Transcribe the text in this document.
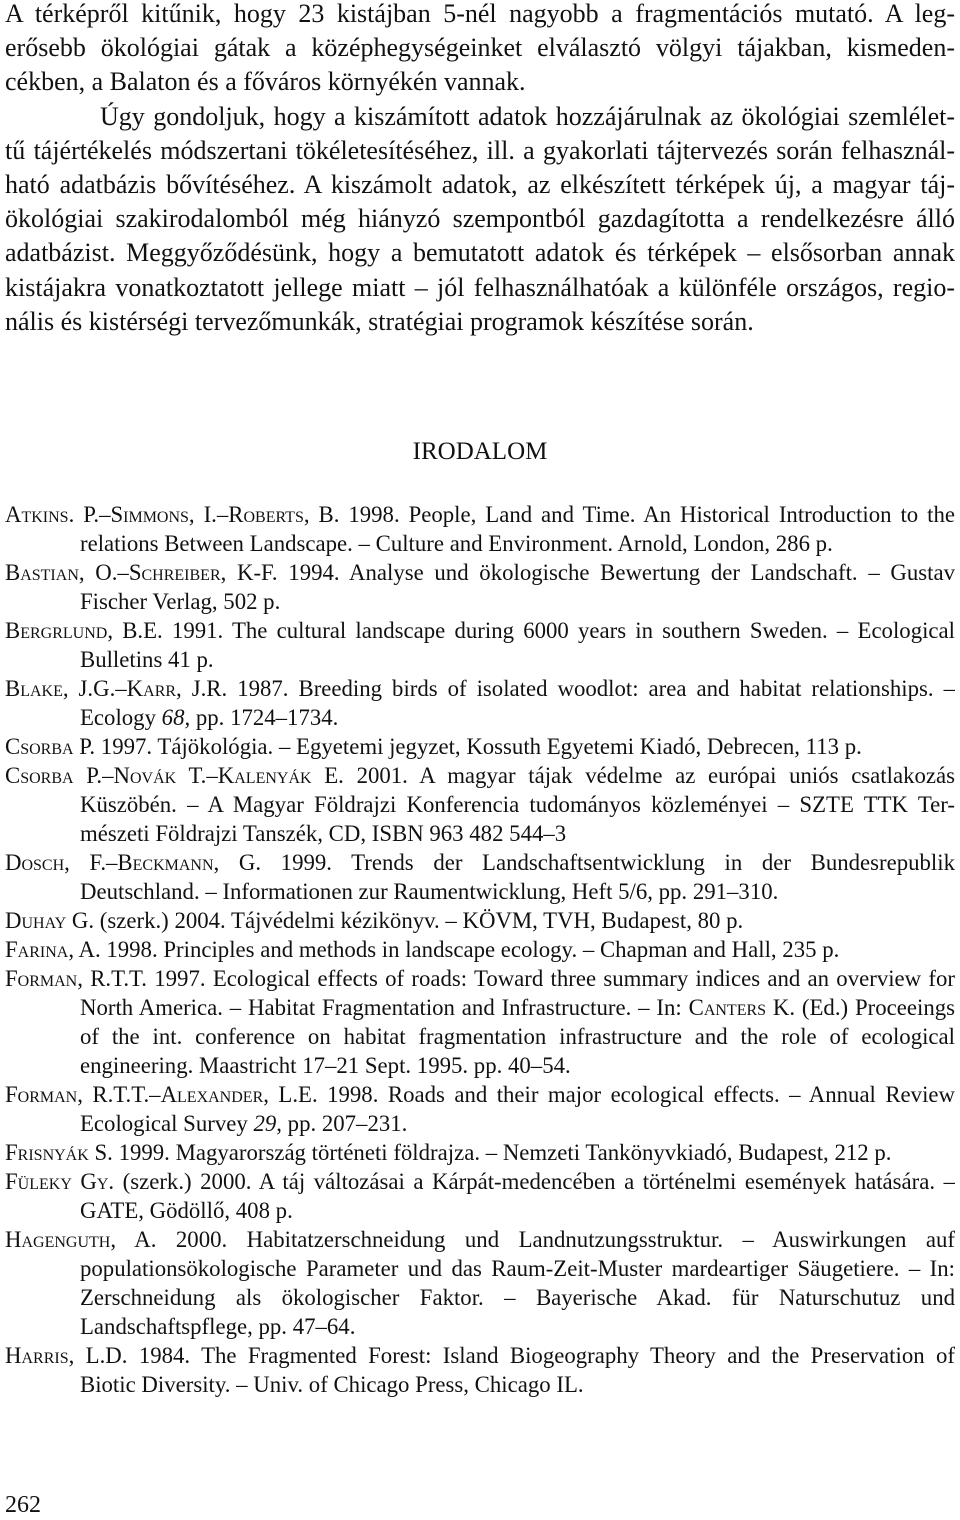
A térképről kitűnik, hogy 23 kistájban 5-nél nagyobb a fragmentációs mutató. A leg-
erősebb ökológiai gátak a középhegységeinket elválasztó völgyi tájakban, kismeden-
cékben, a Balaton és a főváros környékén vannak.
Úgy gondoljuk, hogy a kiszámított adatok hozzájárulnak az ökológiai szemlélet-
tű tájértékelés módszertani tökéletesítéséhez, ill. a gyakorlati tájtervezés során felhasznál-
ható adatbázis bővítéséhez. A kiszámolt adatok, az elkészített térképek új, a magyar táj-
ökológiai szakirodalomból még hiányzó szempontból gazdagította a rendelkezésre álló
adatbázist. Meggyőződésünk, hogy a bemutatott adatok és térképek – elsősorban annak
kistájakra vonatkoztatott jellege miatt – jól felhasználhatóak a különféle országos, regio-
nális és kistérségi tervezőmunkák, stratégiai programok készítése során.
IRODALOM
Atkins. P.–Simmons, I.–Roberts, B. 1998. People, Land and Time. An Historical Introduction to the
relations Between Landscape. – Culture and Environment. Arnold, London, 286 p.
Bastian, O.–Schreiber, K-F. 1994. Analyse und ökologische Bewertung der Landschaft. – Gustav
Fischer Verlag, 502 p.
Bergrlund, B.E. 1991. The cultural landscape during 6000 years in southern Sweden. – Ecological
Bulletins 41 p.
Blake, J.G.–Karr, J.R. 1987. Breeding birds of isolated woodlot: area and habitat relationships. –
Ecology 68, pp. 1724–1734.
Csorba P. 1997. Tájökológia. – Egyetemi jegyzet, Kossuth Egyetemi Kiadó, Debrecen, 113 p.
Csorba P.–Novák T.–Kalenyák E. 2001. A magyar tájak védelme az európai uniós csatlakozás
Küszöbén. – A Magyar Földrajzi Konferencia tudományos közleményei – SZTE TTK Ter-
mészeti Földrajzi Tanszék, CD, ISBN 963 482 544–3
Dosch, F.–Beckmann, G. 1999. Trends der Landschaftsentwicklung in der Bundesrepublik
Deutschland. – Informationen zur Raumentwicklung, Heft 5/6, pp. 291–310.
Duhay G. (szerk.) 2004. Tájvédelmi kézikönyv. – KÖVM, TVH, Budapest, 80 p.
Farina, A. 1998. Principles and methods in landscape ecology. – Chapman and Hall, 235 p.
Forman, R.T.T. 1997. Ecological effects of roads: Toward three summary indices and an overview for
North America. – Habitat Fragmentation and Infrastructure. – In: Canters K. (Ed.) Proceeings
of the int. conference on habitat fragmentation infrastructure and the role of ecological
engineering. Maastricht 17–21 Sept. 1995. pp. 40–54.
Forman, R.T.T.–Alexander, L.E. 1998. Roads and their major ecological effects. – Annual Review
Ecological Survey 29, pp. 207–231.
Frisnyák S. 1999. Magyarország történeti földrajza. – Nemzeti Tankönyvkiadó, Budapest, 212 p.
Füleky Gy. (szerk.) 2000. A táj változásai a Kárpát-medencében a történelmi események hatására. –
GATE, Gödöllő, 408 p.
Hagenguth, A. 2000. Habitatzerschneidung und Landnutzungsstruktur. – Auswirkungen auf
populationsökologische Parameter und das Raum-Zeit-Muster mardeartiger Säugetiere. – In:
Zerschneidung als ökologischer Faktor. – Bayerische Akad. für Naturschutuz und
Landschaftspflege, pp. 47–64.
Harris, L.D. 1984. The Fragmented Forest: Island Biogeography Theory and the Preservation of
Biotic Diversity. – Univ. of Chicago Press, Chicago IL.
262
